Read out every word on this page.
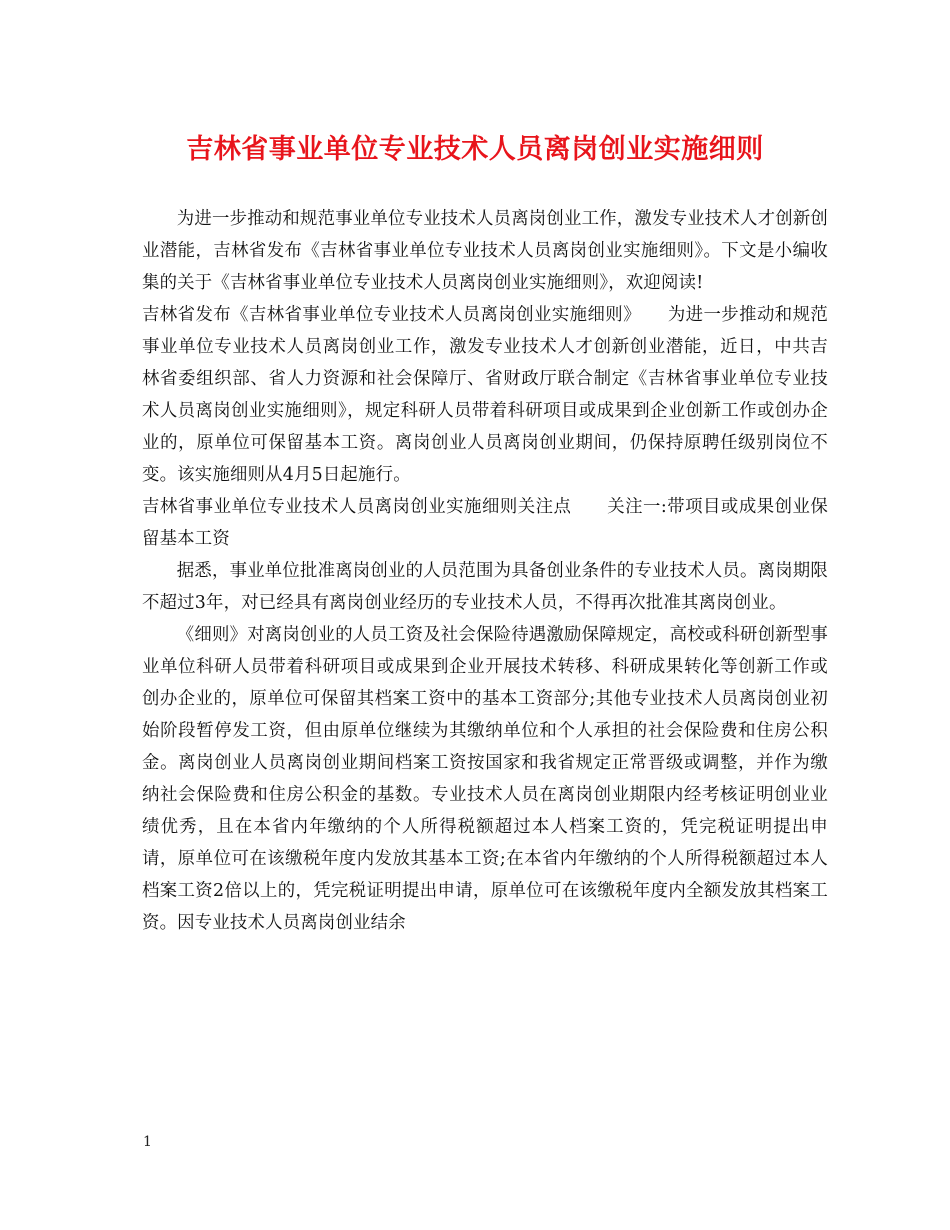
吉林省事业单位专业技术人员离岗创业实施细则

为进一步推动和规范事业单位专业技术人员离岗创业工作，激发专业技术人才创新创业潜能，吉林省发布《吉林省事业单位专业技术人员离岗创业实施细则》。下文是小编收集的关于《吉林省事业单位专业技术人员离岗创业实施细则》，欢迎阅读!

吉林省发布《吉林省事业单位专业技术人员离岗创业实施细则》　　为进一步推动和规范事业单位专业技术人员离岗创业工作，激发专业技术人才创新创业潜能，近日，中共吉林省委组织部、省人力资源和社会保障厅、省财政厅联合制定《吉林省事业单位专业技术人员离岗创业实施细则》，规定科研人员带着科研项目或成果到企业创新工作或创办企业的，原单位可保留基本工资。离岗创业人员离岗创业期间，仍保持原聘任级别岗位不变。该实施细则从4月5日起施行。

吉林省事业单位专业技术人员离岗创业实施细则关注点　　关注一:带项目或成果创业保留基本工资

据悉，事业单位批准离岗创业的人员范围为具备创业条件的专业技术人员。离岗期限不超过3年，对已经具有离岗创业经历的专业技术人员，不得再次批准其离岗创业。

《细则》对离岗创业的人员工资及社会保险待遇激励保障规定，高校或科研创新型事业单位科研人员带着科研项目或成果到企业开展技术转移、科研成果转化等创新工作或创办企业的，原单位可保留其档案工资中的基本工资部分;其他专业技术人员离岗创业初始阶段暂停发工资，但由原单位继续为其缴纳单位和个人承担的社会保险费和住房公积金。离岗创业人员离岗创业期间档案工资按国家和我省规定正常晋级或调整，并作为缴纳社会保险费和住房公积金的基数。专业技术人员在离岗创业期限内经考核证明创业业绩优秀，且在本省内年缴纳的个人所得税额超过本人档案工资的，凭完税证明提出申请，原单位可在该缴税年度内发放其基本工资;在本省内年缴纳的个人所得税额超过本人档案工资2倍以上的，凭完税证明提出申请，原单位可在该缴税年度内全额发放其档案工资。因专业技术人员离岗创业结余

1
